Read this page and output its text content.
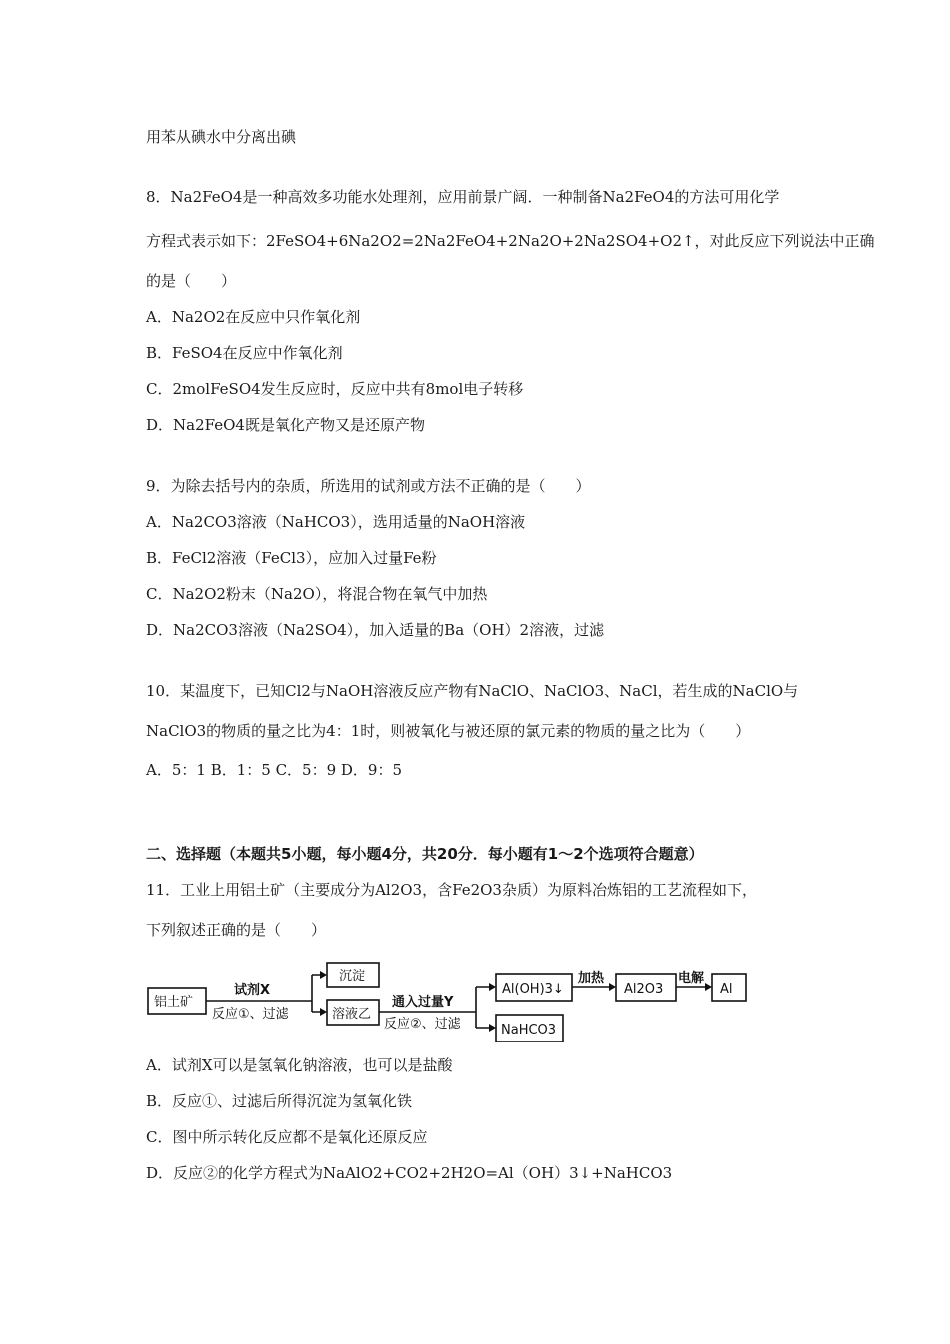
用苯从碘水中分离出碘
8．Na2FeO4是一种高效多功能水处理剂，应用前景广阔．一种制备Na2FeO4的方法可用化学
方程式表示如下：2FeSO4+6Na2O2=2Na2FeO4+2Na2O+2Na2SO4+O2↑，对此反应下列说法中正确
的是（　　）
A．Na2O2在反应中只作氧化剂
B．FeSO4在反应中作氧化剂
C．2molFeSO4发生反应时，反应中共有8mol电子转移
D．Na2FeO4既是氧化产物又是还原产物
9．为除去括号内的杂质，所选用的试剂或方法不正确的是（　　）
A．Na2CO3溶液（NaHCO3），选用适量的NaOH溶液
B．FeCl2溶液（FeCl3），应加入过量Fe粉
C．Na2O2粉末（Na2O），将混合物在氧气中加热
D．Na2CO3溶液（Na2SO4），加入适量的Ba（OH）2溶液，过滤
10．某温度下，已知Cl2与NaOH溶液反应产物有NaClO、NaClO3、NaCl，若生成的NaClO与
NaClO3的物质的量之比为4：1时，则被氧化与被还原的氯元素的物质的量之比为（　　）
A．5：1 B．1：5 C．5：9 D．9：5
二、选择题（本题共5小题，每小题4分，共20分．每小题有1～2个选项符合题意）
11．工业上用铝土矿（主要成分为Al2O3，含Fe2O3杂质）为原料冶炼铝的工艺流程如下，
下列叙述正确的是（　　）
A．试剂X可以是氢氧化钠溶液，也可以是盐酸
B．反应①、过滤后所得沉淀为氢氧化铁
C．图中所示转化反应都不是氧化还原反应
D．反应②的化学方程式为NaAlO2+CO2+2H2O=Al（OH）3↓+NaHCO3
铝土矿
试剂X
反应①、过滤
沉淀
溶液乙
通入过量Y
反应②、过滤
Al(OH)3↓
NaHCO3
加热
Al2O3
电解
Al
